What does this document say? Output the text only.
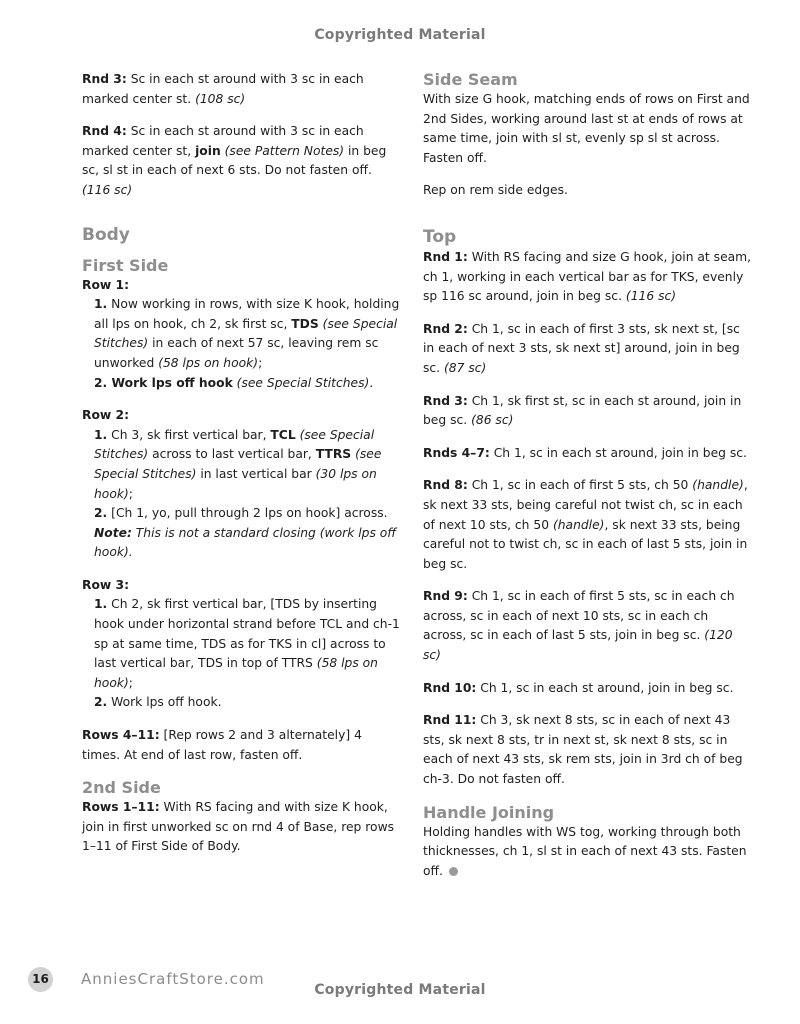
Copyrighted Material

Rnd 3: Sc in each st around with 3 sc in each marked center st. (108 sc)

Rnd 4: Sc in each st around with 3 sc in each marked center st, join (see Pattern Notes) in beg sc, sl st in each of next 6 sts. Do not fasten off. (116 sc)

Body
First Side
Row 1:
1. Now working in rows, with size K hook, holding all lps on hook, ch 2, sk first sc, TDS (see Special Stitches) in each of next 57 sc, leaving rem sc unworked (58 lps on hook);
2. Work lps off hook (see Special Stitches).
Row 2:
1. Ch 3, sk first vertical bar, TCL (see Special Stitches) across to last vertical bar, TTRS (see Special Stitches) in last vertical bar (30 lps on hook);
2. [Ch 1, yo, pull through 2 lps on hook] across.
Note: This is not a standard closing (work lps off hook).
Row 3:
1. Ch 2, sk first vertical bar, [TDS by inserting hook under horizontal strand before TCL and ch-1 sp at same time, TDS as for TKS in cl] across to last vertical bar, TDS in top of TTRS (58 lps on hook);
2. Work lps off hook.

Rows 4–11: [Rep rows 2 and 3 alternately] 4 times. At end of last row, fasten off.

2nd Side

Rows 1–11: With RS facing and with size K hook, join in first unworked sc on rnd 4 of Base, rep rows 1–11 of First Side of Body.

Side Seam

With size G hook, matching ends of rows on First and 2nd Sides, working around last st at ends of rows at same time, join with sl st, evenly sp sl st across. Fasten off.

Rep on rem side edges.

Top

Rnd 1: With RS facing and size G hook, join at seam, ch 1, working in each vertical bar as for TKS, evenly sp 116 sc around, join in beg sc. (116 sc)

Rnd 2: Ch 1, sc in each of first 3 sts, sk next st, [sc in each of next 3 sts, sk next st] around, join in beg sc. (87 sc)

Rnd 3: Ch 1, sk first st, sc in each st around, join in beg sc. (86 sc)

Rnds 4–7: Ch 1, sc in each st around, join in beg sc.

Rnd 8: Ch 1, sc in each of first 5 sts, ch 50 (handle), sk next 33 sts, being careful not twist ch, sc in each of next 10 sts, ch 50 (handle), sk next 33 sts, being careful not to twist ch, sc in each of last 5 sts, join in beg sc.

Rnd 9: Ch 1, sc in each of first 5 sts, sc in each ch across, sc in each of next 10 sts, sc in each ch across, sc in each of last 5 sts, join in beg sc. (120 sc)

Rnd 10: Ch 1, sc in each st around, join in beg sc.

Rnd 11: Ch 3, sk next 8 sts, sc in each of next 43 sts, sk next 8 sts, tr in next st, sk next 8 sts, sc in each of next 43 sts, sk rem sts, join in 3rd ch of beg ch-3. Do not fasten off.

Handle Joining

Holding handles with WS tog, working through both thicknesses, ch 1, sl st in each of next 43 sts. Fasten off.

16 AnniesCraftStore.com
Copyrighted Material
